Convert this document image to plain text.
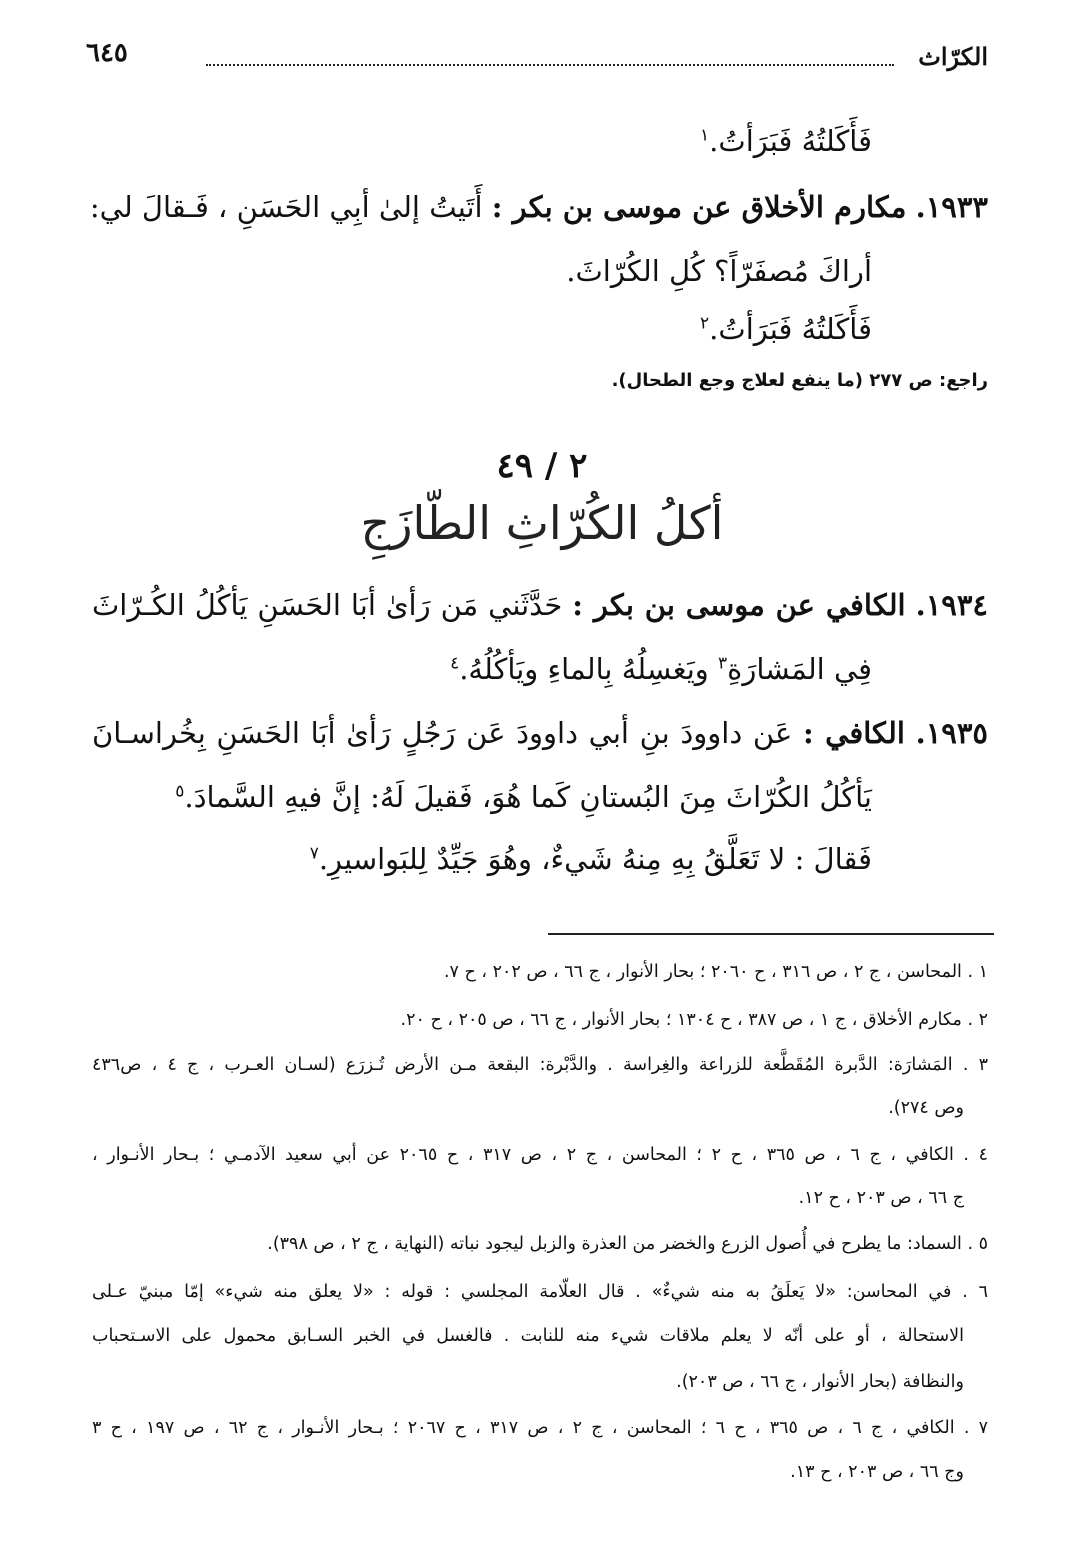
الكرّاث
٦٤٥
فَأَكَلتُهُ فَبَرَأتُ.$^١$
١٩٣٣. مكارم الأخلاق عن موسى بن بكر : أَتَيتُ إلىٰ أبِي الحَسَنِ ، فَـقالَ لي:
أراكَ مُصفَرّاً؟ كُلِ الكُرّاثَ.
فَأَكَلتُهُ فَبَرَأتُ.$^٢$
راجع: ص ٢٧٧ (ما ينفع لعلاج وجع الطحال).
٢ / ٤٩
أكلُ الكُرّاثِ الطّازَجِ
١٩٣٤. الكافي عن موسى بن بكر : حَدَّثَني مَن رَأىٰ أبَا الحَسَنِ يَأكُلُ الكُـرّاثَ
فِي المَشارَةِ$^٣$ ويَغسِلُهُ بِالماءِ ويَأكُلُهُ.$^٤$
١٩٣٥. الكافي : عَن داوودَ بنِ أبي داوودَ عَن رَجُلٍ رَأىٰ أبَا الحَسَنِ بِخُراسـانَ
يَأكُلُ الكُرّاثَ مِنَ البُستانِ كَما هُوَ، فَقيلَ لَهُ: إنَّ فيهِ السَّمادَ.$^٥$
فَقالَ : لا تَعَلَّقُ بِهِ مِنهُ شَيءٌ، وهُوَ جَيِّدٌ لِلبَواسيرِ.$^٧$
١ . المحاسن ، ج ٢ ، ص ٣١٦ ، ح ٢٠٦٠ ؛ بحار الأنوار ، ج ٦٦ ، ص ٢٠٢ ، ح ٧.
٢ . مكارم الأخلاق ، ج ١ ، ص ٣٨٧ ، ح ١٣٠٤ ؛ بحار الأنوار ، ج ٦٦ ، ص ٢٠٥ ، ح ٢٠.
٣ . المَشارَة: الدَّبرة المُقَطَّعة للزراعة والغِراسة . والدَّبْرة: البقعة مـن الأرض تُـزرَع (لسـان العـرب ، ج ٤ ، ص٤٣٦
وص ٢٧٤).
٤ . الكافي ، ج ٦ ، ص ٣٦٥ ، ح ٢ ؛ المحاسن ، ج ٢ ، ص ٣١٧ ، ح ٢٠٦٥ عن أبي سعيد الآدمـي ؛ بـحار الأنـوار ،
ج ٦٦ ، ص ٢٠٣ ، ح ١٢.
٥ . السماد: ما يطرح في أُصول الزرع والخضر من العذرة والزبل ليجود نباته (النهاية ، ج ٢ ، ص ٣٩٨).
٦ . في المحاسن: «لا يَعلَقُ به منه شيءٌ» . قال العلّامة المجلسي : قوله : «لا يعلق منه شيء» إمّا مبنيّ عـلى
الاستحالة ، أو على أنّه لا يعلم ملاقات شيء منه للنابت . فالغسل في الخبر السـابق محمول على الاسـتحباب
والنظافة (بحار الأنوار ، ج ٦٦ ، ص ٢٠٣).
٧ . الكافي ، ج ٦ ، ص ٣٦٥ ، ح ٦ ؛ المحاسن ، ج ٢ ، ص ٣١٧ ، ح ٢٠٦٧ ؛ بـحار الأنـوار ، ج ٦٢ ، ص ١٩٧ ، ح ٣
وج ٦٦ ، ص ٢٠٣ ، ح ١٣.
